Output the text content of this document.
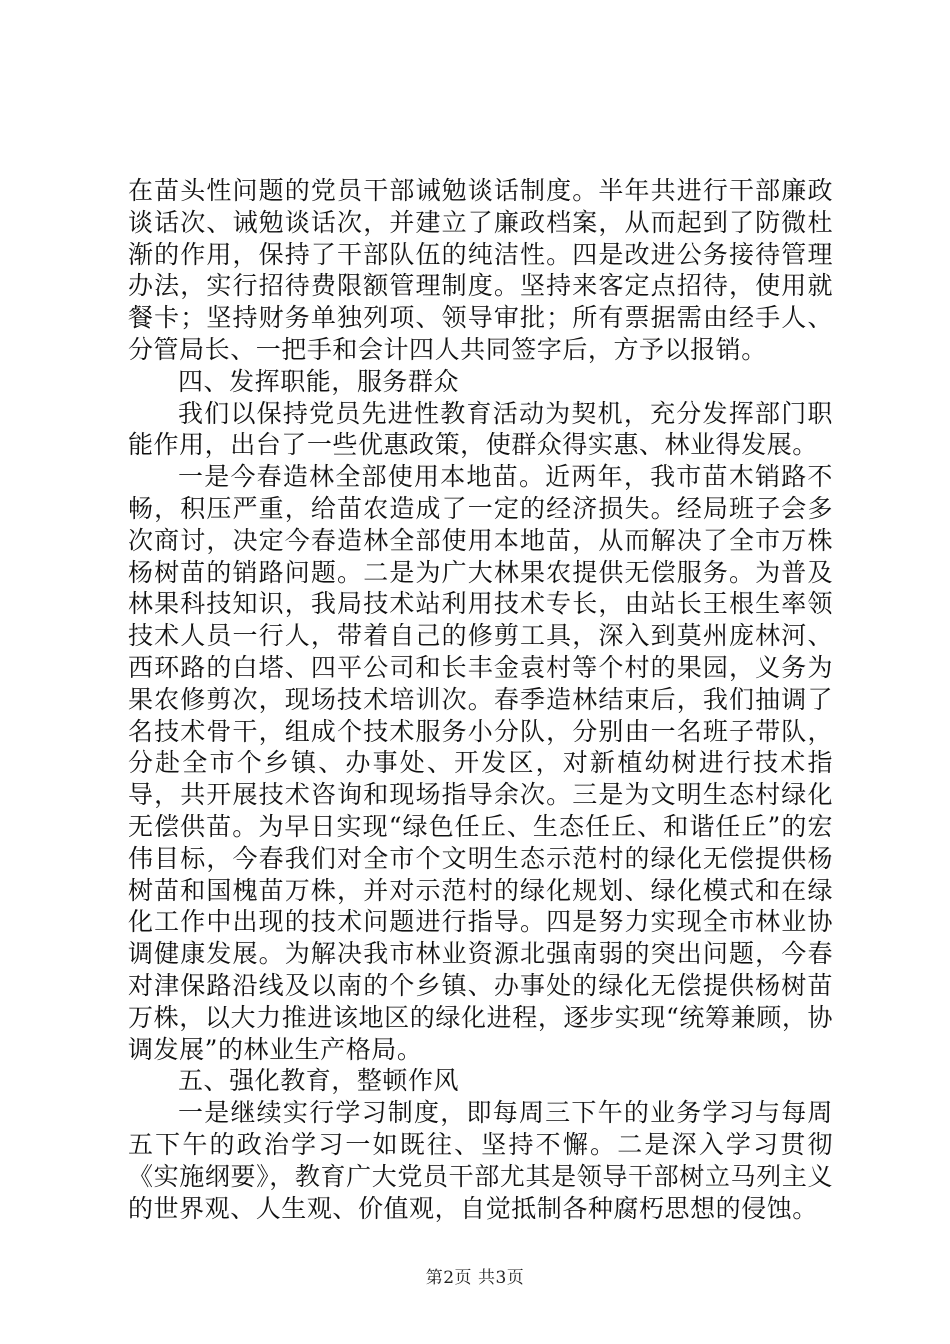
在苗头性问题的党员干部诫勉谈话制度。半年共进行干部廉政谈话次、诫勉谈话次，并建立了廉政档案，从而起到了防微杜渐的作用，保持了干部队伍的纯洁性。四是改进公务接待管理办法，实行招待费限额管理制度。坚持来客定点招待，使用就餐卡；坚持财务单独列项、领导审批；所有票据需由经手人、分管局长、一把手和会计四人共同签字后，方予以报销。

四、发挥职能，服务群众

我们以保持党员先进性教育活动为契机，充分发挥部门职能作用，出台了一些优惠政策，使群众得实惠、林业得发展。

一是今春造林全部使用本地苗。近两年，我市苗木销路不畅，积压严重，给苗农造成了一定的经济损失。经局班子会多次商讨，决定今春造林全部使用本地苗，从而解决了全市万株杨树苗的销路问题。二是为广大林果农提供无偿服务。为普及林果科技知识，我局技术站利用技术专长，由站长王根生率领技术人员一行人，带着自己的修剪工具，深入到莫州庞林河、西环路的白塔、四平公司和长丰金袁村等个村的果园，义务为果农修剪次，现场技术培训次。春季造林结束后，我们抽调了名技术骨干，组成个技术服务小分队，分别由一名班子带队，分赴全市个乡镇、办事处、开发区，对新植幼树进行技术指导，共开展技术咨询和现场指导余次。三是为文明生态村绿化无偿供苗。为早日实现“绿色任丘、生态任丘、和谐任丘”的宏伟目标，今春我们对全市个文明生态示范村的绿化无偿提供杨树苗和国槐苗万株，并对示范村的绿化规划、绿化模式和在绿化工作中出现的技术问题进行指导。四是努力实现全市林业协调健康发展。为解决我市林业资源北强南弱的突出问题，今春对津保路沿线及以南的个乡镇、办事处的绿化无偿提供杨树苗万株，以大力推进该地区的绿化进程，逐步实现“统筹兼顾，协调发展”的林业生产格局。

五、强化教育，整顿作风

一是继续实行学习制度，即每周三下午的业务学习与每周五下午的政治学习一如既往、坚持不懈。二是深入学习贯彻《实施纲要》，教育广大党员干部尤其是领导干部树立马列主义的世界观、人生观、价值观，自觉抵制各种腐朽思想的侵蚀。

第2页 共3页
